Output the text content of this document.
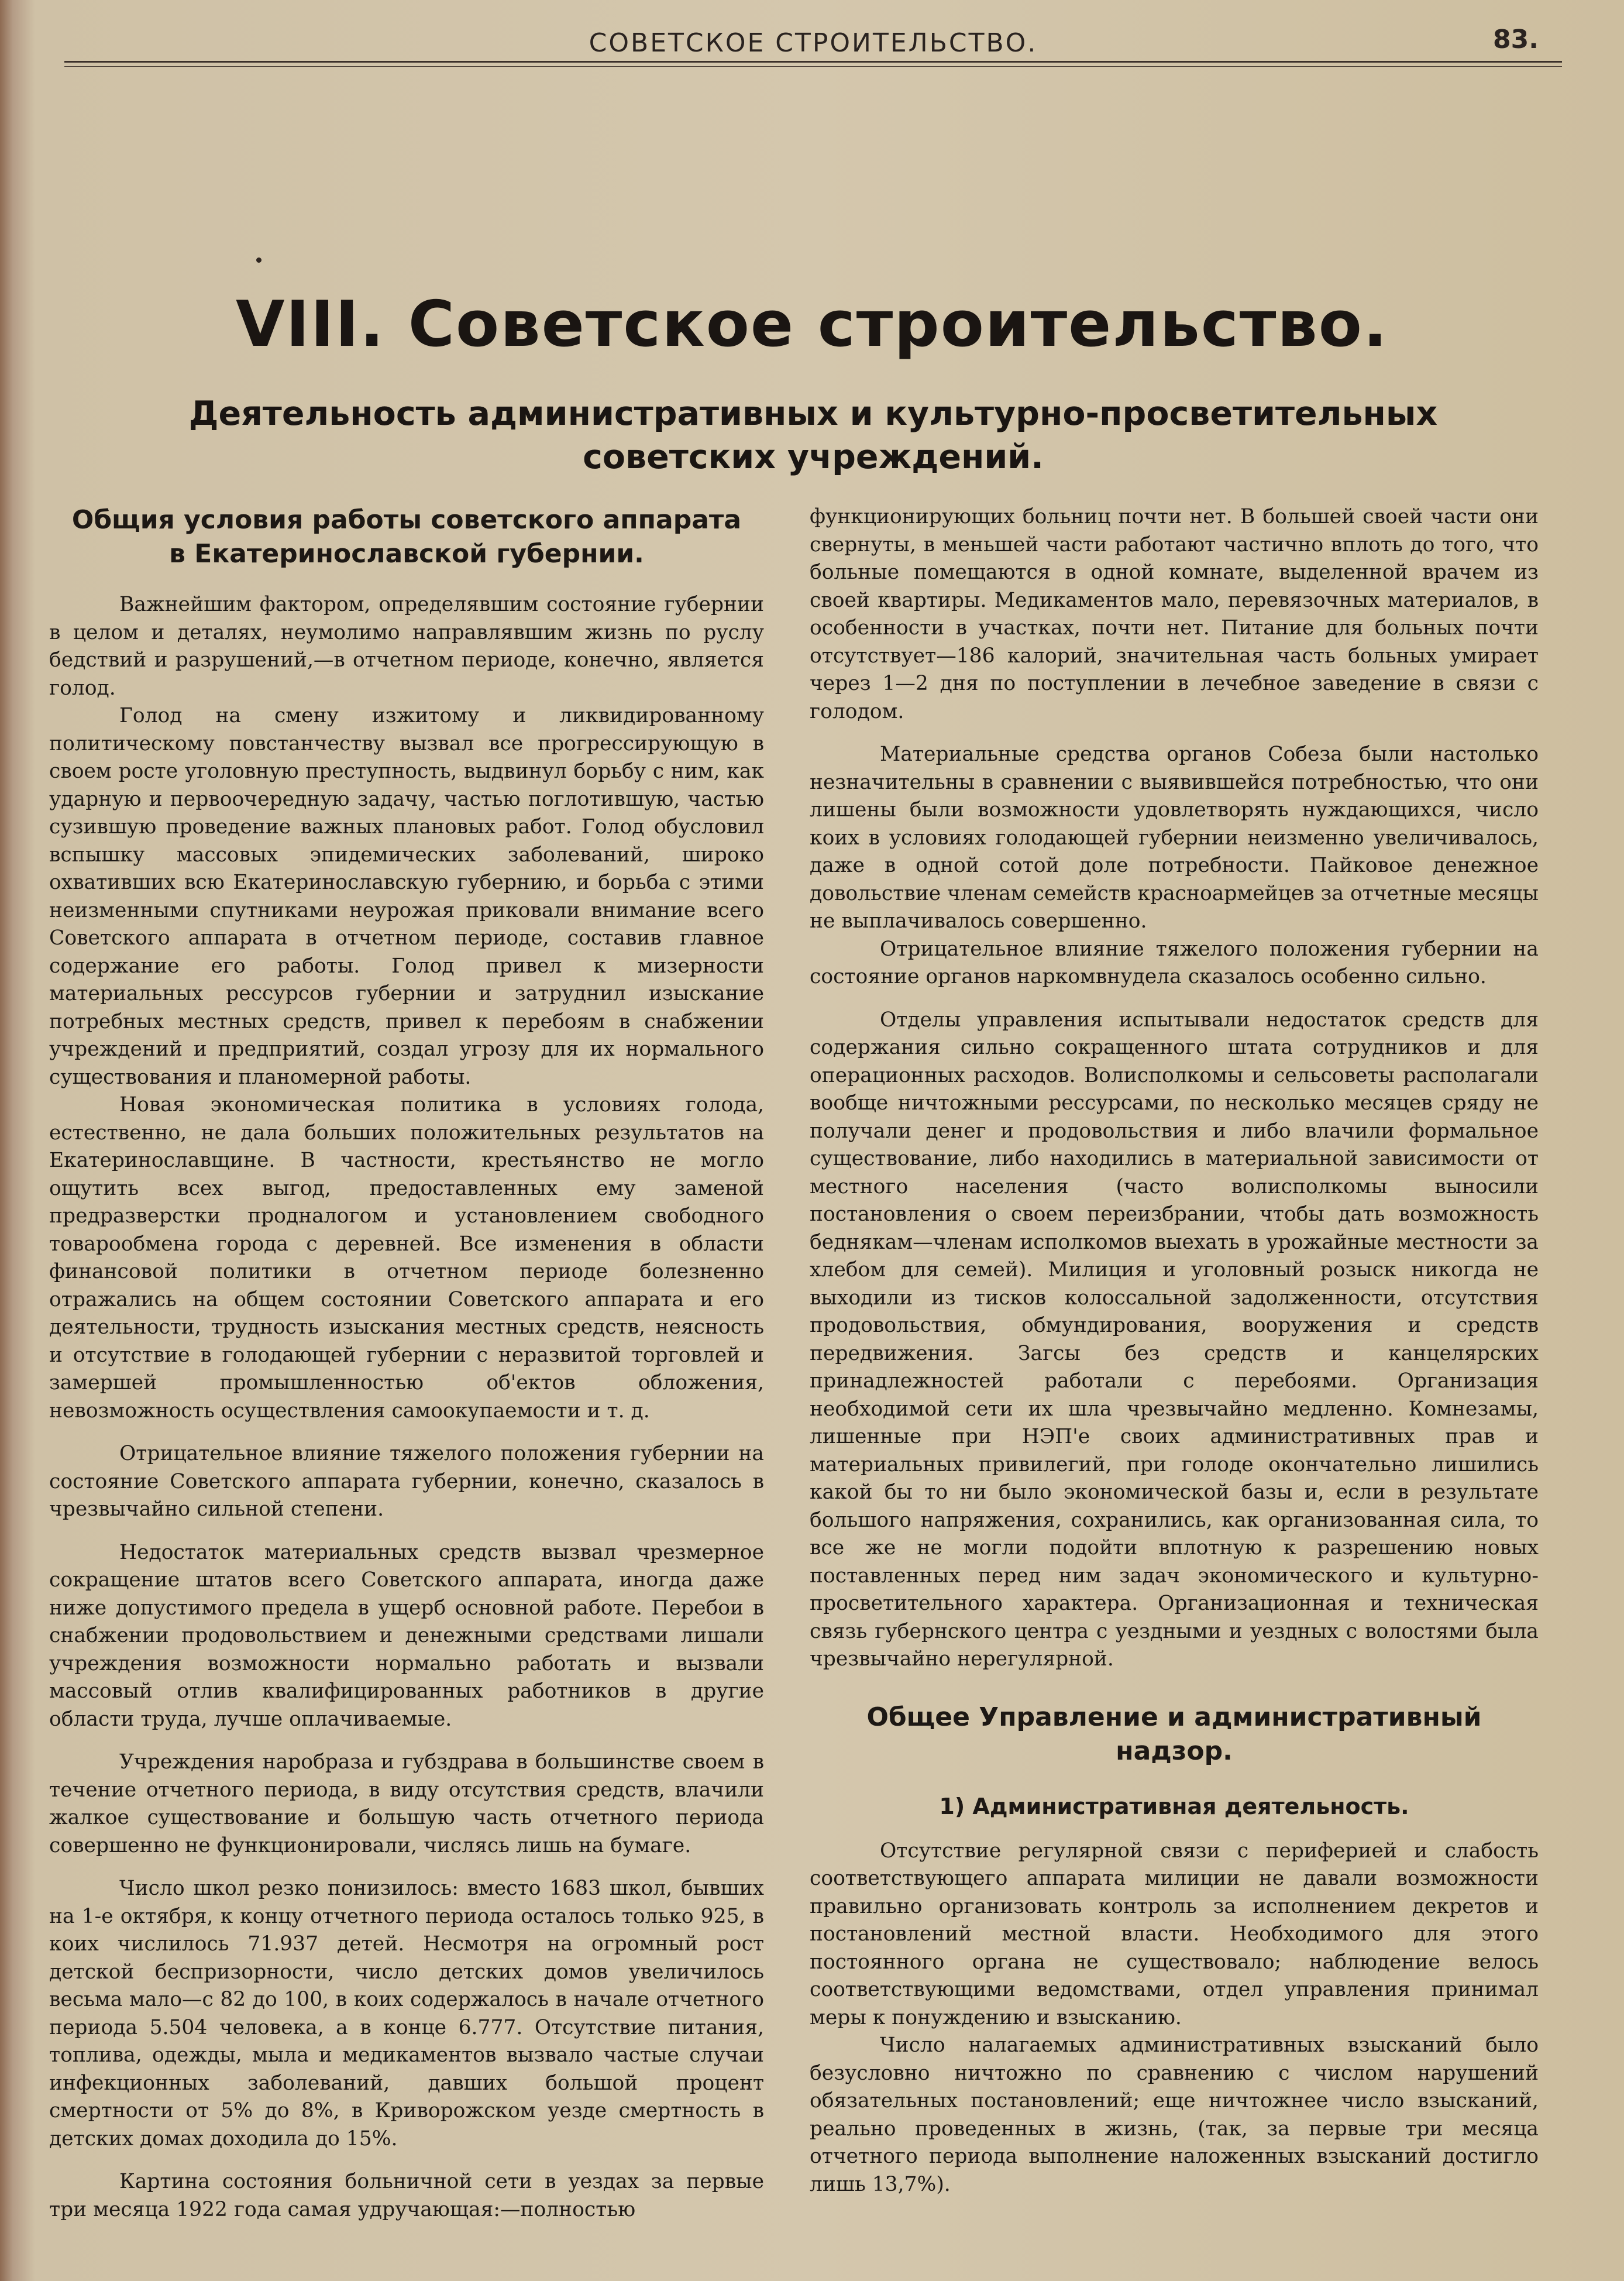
СОВЕТСКОЕ СТРОИТЕЛЬСТВО.	83.
VIII. Советское строительство.
Деятельность административных и культурно-просветительных
советских учреждений.
Общия условия работы советского аппарата
в Екатеринославской губернии.

Важнейшим фактором, определявшим состояние губернии в целом и деталях, неумолимо направлявшим жизнь по руслу бедствий и разрушений,—в отчетном периоде, конечно, является голод.

Голод на смену изжитому и ликвидированному политическому повстанчеству вызвал все прогрессирующую в своем росте уголовную преступность, выдвинул борьбу с ним, как ударную и первоочередную задачу, частью поглотившую, частью сузившую проведение важных плановых работ. Голод обусловил вспышку массовых эпидемических заболеваний, широко охвативших всю Екатеринославскую губернию, и борьба с этими неизменными спутниками неурожая приковали внимание всего Советского аппарата в отчетном периоде, составив главное содержание его работы. Голод привел к мизерности материальных рессурсов губернии и затруднил изыскание потребных местных средств, привел к перебоям в снабжении учреждений и предприятий, создал угрозу для их нормального существования и планомерной работы.

Новая экономическая политика в условиях голода, естественно, не дала больших положительных результатов на Екатеринославщине. В частности, крестьянство не могло ощутить всех выгод, предоставленных ему заменой предразверстки продналогом и установлением свободного товарообмена города с деревней. Все изменения в области финансовой политики в отчетном периоде болезненно отражались на общем состоянии Советского аппарата и его деятельности, трудность изыскания местных средств, неясность и отсутствие в голодающей губернии с неразвитой торговлей и замершей промышленностью об'ектов обложения, невозможность осуществления самоокупаемости и т. д.

Отрицательное влияние тяжелого положения губернии на состояние Советского аппарата губернии, конечно, сказалось в чрезвычайно сильной степени.

Недостаток материальных средств вызвал чрезмерное сокращение штатов всего Советского аппарата, иногда даже ниже допустимого предела в ущерб основной работе. Перебои в снабжении продовольствием и денежными средствами лишали учреждения возможности нормально работать и вызвали массовый отлив квалифицированных работников в другие области труда, лучше оплачиваемые.

Учреждения наробраза и губздрава в большинстве своем в течение отчетного периода, в виду отсутствия средств, влачили жалкое существование и большую часть отчетного периода совершенно не функционировали, числясь лишь на бумаге.

Число школ резко понизилось: вместо 1683 школ, бывших на 1-е октября, к концу отчетного периода осталось только 925, в коих числилось 71.937 детей. Несмотря на огромный рост детской беспризорности, число детских домов увеличилось весьма мало—с 82 до 100, в коих содержалось в начале отчетного периода 5.504 человека, а в конце 6.777. Отсутствие питания, топлива, одежды, мыла и медикаментов вызвало частые случаи инфекционных заболеваний, давших большой процент смертности от 5% до 8%, в Криворожском уезде смертность в детских домах доходила до 15%.

Картина состояния больничной сети в уездах за первые три месяца 1922 года самая удручающая:—полностью

функционирующих больниц почти нет. В большей своей части они свернуты, в меньшей части работают частично вплоть до того, что больные помещаются в одной комнате, выделенной врачем из своей квартиры. Медикаментов мало, перевязочных материалов, в особенности в участках, почти нет. Питание для больных почти отсутствует—186 калорий, значительная часть больных умирает через 1—2 дня по поступлении в лечебное заведение в связи с голодом.

Материальные средства органов Собеза были настолько незначительны в сравнении с выявившейся потребностью, что они лишены были возможности удовлетворять нуждающихся, число коих в условиях голодающей губернии неизменно увеличивалось, даже в одной сотой доле потребности. Пайковое денежное довольствие членам семейств красноармейцев за отчетные месяцы не выплачивалось совершенно.

Отрицательное влияние тяжелого положения губернии на состояние органов наркомвнудела сказалось особенно сильно.

Отделы управления испытывали недостаток средств для содержания сильно сокращенного штата сотрудников и для операционных расходов. Волисполкомы и сельсоветы располагали вообще ничтожными рессурсами, по несколько месяцев сряду не получали денег и продовольствия и либо влачили формальное существование, либо находились в материальной зависимости от местного населения (часто волисполкомы выносили постановления о своем переизбрании, чтобы дать возможность беднякам—членам исполкомов выехать в урожайные местности за хлебом для семей). Милиция и уголовный розыск никогда не выходили из тисков колоссальной задолженности, отсутствия продовольствия, обмундирования, вооружения и средств передвижения. Загсы без средств и канцелярских принадлежностей работали с перебоями. Организация необходимой сети их шла чрезвычайно медленно. Комнезамы, лишенные при НЭП'е своих административных прав и материальных привилегий, при голоде окончательно лишились какой бы то ни было экономической базы и, если в результате большого напряжения, сохранились, как организованная сила, то все же не могли подойти вплотную к разрешению новых поставленных перед ним задач экономического и культурно-просветительного характера. Организационная и техническая связь губернского центра с уездными и уездных с волостями была чрезвычайно нерегулярной.

Общее Управление и административный
надзор.
1) Административная деятельность.

Отсутствие регулярной связи с периферией и слабость соответствующего аппарата милиции не давали возможности правильно организовать контроль за исполнением декретов и постановлений местной власти. Необходимого для этого постоянного органа не существовало; наблюдение велось соответствующими ведомствами, отдел управления принимал меры к понуждению и взысканию.

Число налагаемых административных взысканий было безусловно ничтожно по сравнению с числом нарушений обязательных постановлений; еще ничтожнее число взысканий, реально проведенных в жизнь, (так, за первые три месяца отчетного периода выполнение наложенных взысканий достигло лишь 13,7%).
